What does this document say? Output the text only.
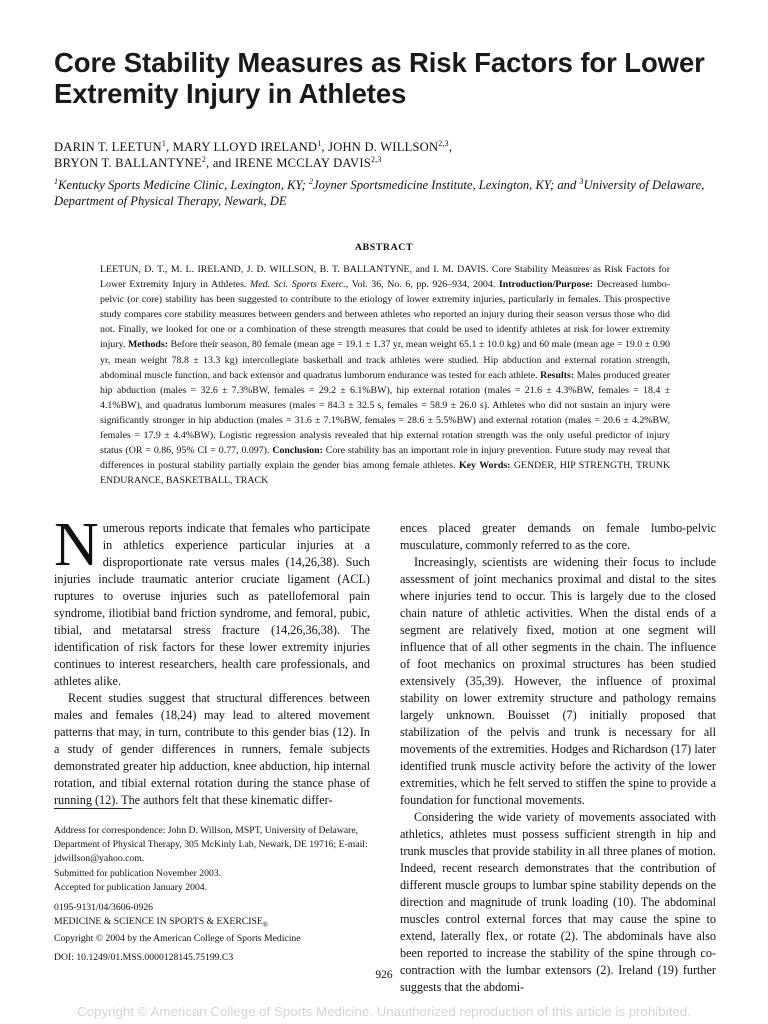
Core Stability Measures as Risk Factors for Lower Extremity Injury in Athletes
DARIN T. LEETUN$^1$, MARY LLOYD IRELAND$^1$, JOHN D. WILLSON$^{2,3}$,
BRYON T. BALLANTYNE$^2$, and IRENE MCCLAY DAVIS$^{2,3}$
$^1$Kentucky Sports Medicine Clinic, Lexington, KY; $^2$Joyner Sportsmedicine Institute, Lexington, KY; and $^3$University of Delaware, Department of Physical Therapy, Newark, DE
ABSTRACT
LEETUN, D. T., M. L. IRELAND, J. D. WILLSON, B. T. BALLANTYNE, and I. M. DAVIS. Core Stability Measures as Risk Factors for Lower Extremity Injury in Athletes. Med. Sci. Sports Exerc., Vol. 36, No. 6, pp. 926–934, 2004. Introduction/Purpose: Decreased lumbo-pelvic (or core) stability has been suggested to contribute to the etiology of lower extremity injuries, particularly in females. This prospective study compares core stability measures between genders and between athletes who reported an injury during their season versus those who did not. Finally, we looked for one or a combination of these strength measures that could be used to identify athletes at risk for lower extremity injury. Methods: Before their season, 80 female (mean age = 19.1 ± 1.37 yr, mean weight 65.1 ± 10.0 kg) and 60 male (mean age = 19.0 ± 0.90 yr, mean weight 78.8 ± 13.3 kg) intercollegiate basketball and track athletes were studied. Hip abduction and external rotation strength, abdominal muscle function, and back extensor and quadratus lumborum endurance was tested for each athlete. Results: Males produced greater hip abduction (males = 32.6 ± 7.3%BW, females = 29.2 ± 6.1%BW), hip external rotation (males = 21.6 ± 4.3%BW, females = 18.4 ± 4.1%BW), and quadratus lumborum measures (males = 84.3 ± 32.5 s, females = 58.9 ± 26.0 s). Athletes who did not sustain an injury were significantly stronger in hip abduction (males = 31.6 ± 7.1%BW, females = 28.6 ± 5.5%BW) and external rotation (males = 20.6 ± 4.2%BW, females = 17.9 ± 4.4%BW). Logistic regression analysis revealed that hip external rotation strength was the only useful predictor of injury status (OR = 0.86, 95% CI = 0.77, 0.097). Conclusion: Core stability has an important role in injury prevention. Future study may reveal that differences in postural stability partially explain the gender bias among female athletes. Key Words: GENDER, HIP STRENGTH, TRUNK ENDURANCE, BASKETBALL, TRACK

Numerous reports indicate that females who participate in athletics experience particular injuries at a disproportionate rate versus males (14,26,38). Such injuries include traumatic anterior cruciate ligament (ACL) ruptures to overuse injuries such as patellofemoral pain syndrome, iliotibial band friction syndrome, and femoral, pubic, tibial, and metatarsal stress fracture (14,26,36,38). The identification of risk factors for these lower extremity injuries continues to interest researchers, health care professionals, and athletes alike.

Recent studies suggest that structural differences between males and females (18,24) may lead to altered movement patterns that may, in turn, contribute to this gender bias (12). In a study of gender differences in runners, female subjects demonstrated greater hip adduction, knee abduction, hip internal rotation, and tibial external rotation during the stance phase of running (12). The authors felt that these kinematic differ-

ences placed greater demands on female lumbo-pelvic musculature, commonly referred to as the core.

Increasingly, scientists are widening their focus to include assessment of joint mechanics proximal and distal to the sites where injuries tend to occur. This is largely due to the closed chain nature of athletic activities. When the distal ends of a segment are relatively fixed, motion at one segment will influence that of all other segments in the chain. The influence of foot mechanics on proximal structures has been studied extensively (35,39). However, the influence of proximal stability on lower extremity structure and pathology remains largely unknown. Bouisset (7) initially proposed that stabilization of the pelvis and trunk is necessary for all movements of the extremities. Hodges and Richardson (17) later identified trunk muscle activity before the activity of the lower extremities, which he felt served to stiffen the spine to provide a foundation for functional movements.

Considering the wide variety of movements associated with athletics, athletes must possess sufficient strength in hip and trunk muscles that provide stability in all three planes of motion. Indeed, recent research demonstrates that the contribution of different muscle groups to lumbar spine stability depends on the direction and magnitude of trunk loading (10). The abdominal muscles control external forces that may cause the spine to extend, laterally flex, or rotate (2). The abdominals have also been reported to increase the stability of the spine through co-contraction with the lumbar extensors (2). Ireland (19) further suggests that the abdomi-

Address for correspondence: John D. Willson, MSPT, University of Delaware, Department of Physical Therapy, 305 McKinly Lab, Newark, DE 19716; E-mail: jdwillson@yahoo.com.
Submitted for publication November 2003.
Accepted for publication January 2004.
0195-9131/04/3606-0926
MEDICINE & SCIENCE IN SPORTS & $EXERCISE_®$
Copyright © 2004 by the American College of Sports Medicine
DOI: 10.1249/01.MSS.0000128145.75199.C3
926
Copyright © American College of Sports Medicine. Unauthorized reproduction of this article is prohibited.
